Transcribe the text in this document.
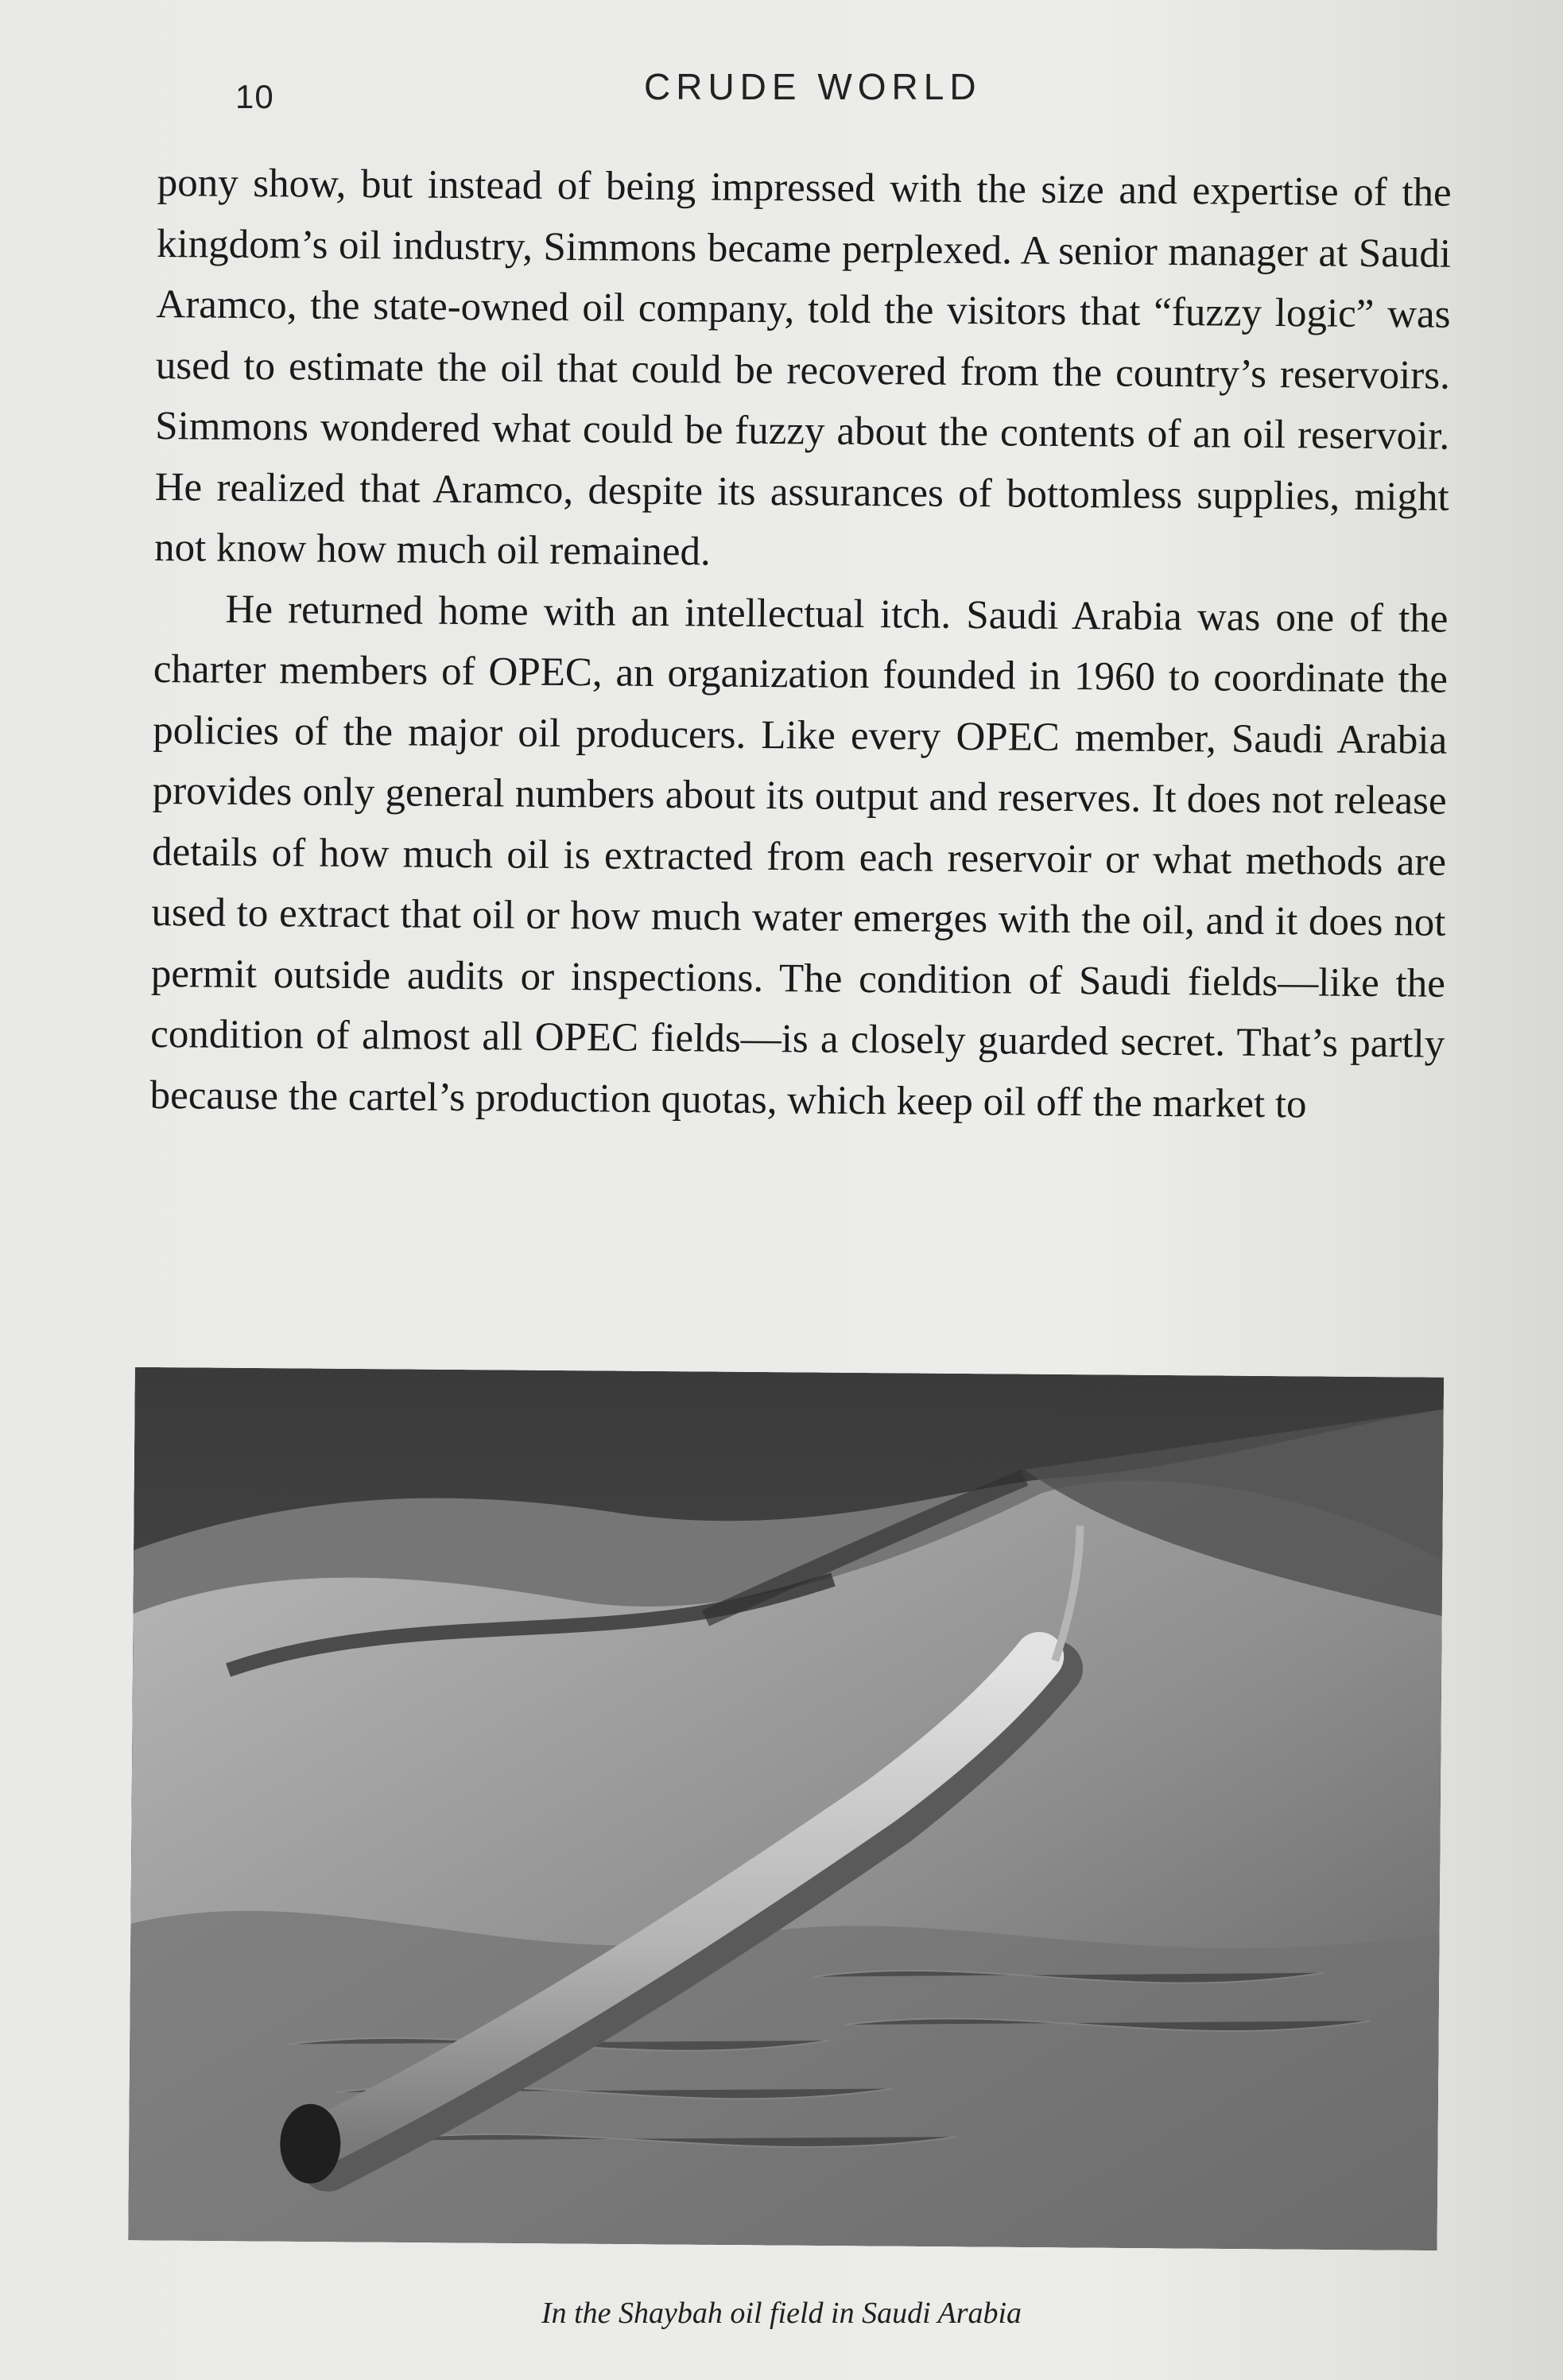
10	CRUDE WORLD

pony show, but instead of being impressed with the size and expertise of the kingdom’s oil industry, Simmons became perplexed. A senior manager at Saudi Aramco, the state-owned oil company, told the visitors that “fuzzy logic” was used to estimate the oil that could be recovered from the country’s reservoirs. Simmons wondered what could be fuzzy about the contents of an oil reservoir. He realized that Aramco, despite its assurances of bottomless supplies, might not know how much oil remained.

He returned home with an intellectual itch. Saudi Arabia was one of the charter members of OPEC, an organization founded in 1960 to coordinate the policies of the major oil producers. Like every OPEC member, Saudi Arabia provides only general numbers about its output and reserves. It does not release details of how much oil is extracted from each reservoir or what methods are used to extract that oil or how much water emerges with the oil, and it does not permit outside audits or inspections. The condition of Saudi fields—like the condition of almost all OPEC fields—is a closely guarded secret. That’s partly because the cartel’s production quotas, which keep oil off the market to

In the Shaybah oil field in Saudi Arabia
